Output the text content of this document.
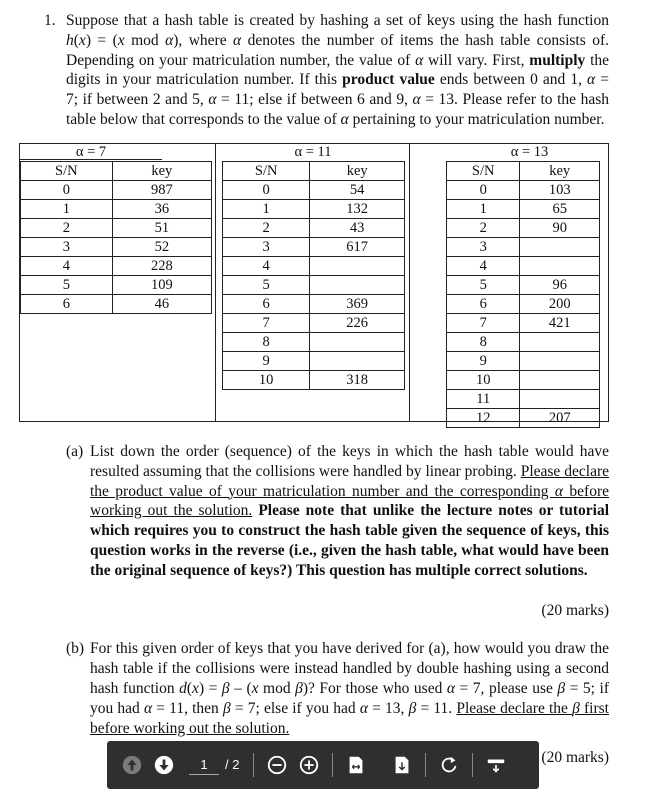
1. Suppose that a hash table is created by hashing a set of keys using the hash function
h(x) = (x mod α), where α denotes the number of items the hash table consists of.
Depending on your matriculation number, the value of α will vary. First, multiply the
digits in your matriculation number. If this product value ends between 0 and 1, α =
7; if between 2 and 5, α = 11; else if between 6 and 9, α = 13. Please refer to the hash
table below that corresponds to the value of α pertaining to your matriculation number.
α = 7
S/N	key
0	987
1	36
2	51
3	52
4	228
5	109
6	46
α = 11
S/N	key
0	54
1	132
2	43
3	617
4	
5	
6	369
7	226
8	
9	
10	318
α = 13
S/N	key
0	103
1	65
2	90
3	
4	
5	96
6	200
7	421
8	
9	
10	
11	
12	207
(a) List down the order (sequence) of the keys in which the hash table would have
resulted assuming that the collisions were handled by linear probing. Please declare
the product value of your matriculation number and the corresponding α before
working out the solution. Please note that unlike the lecture notes or tutorial
which requires you to construct the hash table given the sequence of keys, this
question works in the reverse (i.e., given the hash table, what would have been
the original sequence of keys?) This question has multiple correct solutions.
(20 marks)
(b) For this given order of keys that you have derived for (a), how would you draw the
hash table if the collisions were instead handled by double hashing using a second
hash function d(x) = β – (x mod β)? For those who used α = 7, please use β = 5; if
you had α = 11, then β = 7; else if you had α = 13, β = 11. Please declare the β first
before working out the solution.
(20 marks)
1	/ 2
